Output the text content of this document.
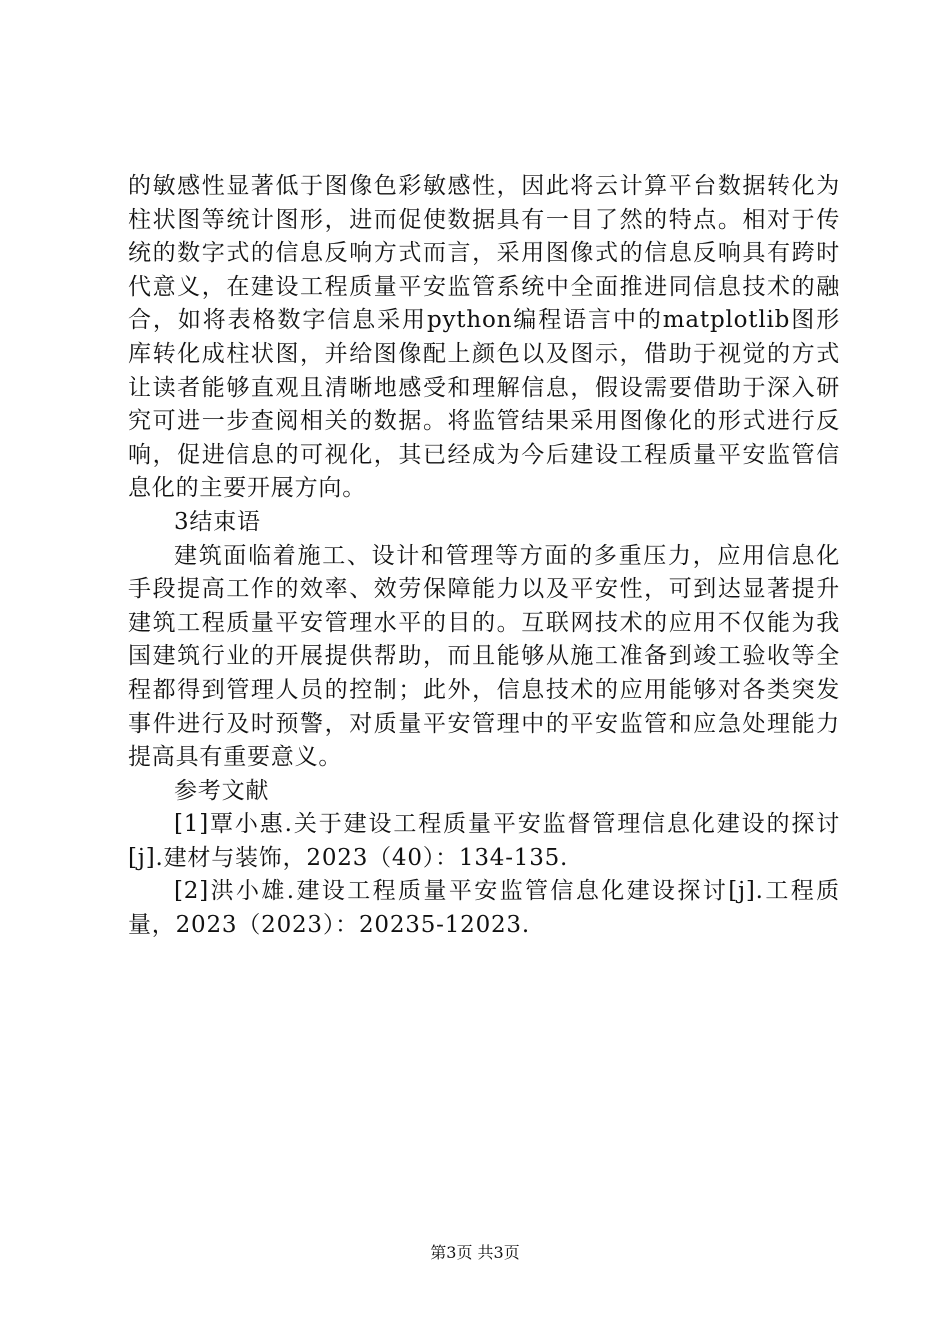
的敏感性显著低于图像色彩敏感性，因此将云计算平台数据转化为柱状图等统计图形，进而促使数据具有一目了然的特点。相对于传统的数字式的信息反响方式而言，采用图像式的信息反响具有跨时代意义，在建设工程质量平安监管系统中全面推进同信息技术的融合，如将表格数字信息采用python编程语言中的matplotlib图形库转化成柱状图，并给图像配上颜色以及图示，借助于视觉的方式让读者能够直观且清晰地感受和理解信息，假设需要借助于深入研究可进一步查阅相关的数据。将监管结果采用图像化的形式进行反响，促进信息的可视化，其已经成为今后建设工程质量平安监管信息化的主要开展方向。

3结束语

建筑面临着施工、设计和管理等方面的多重压力，应用信息化手段提高工作的效率、效劳保障能力以及平安性，可到达显著提升建筑工程质量平安管理水平的目的。互联网技术的应用不仅能为我国建筑行业的开展提供帮助，而且能够从施工准备到竣工验收等全程都得到管理人员的控制；此外，信息技术的应用能够对各类突发事件进行及时预警，对质量平安管理中的平安监管和应急处理能力提高具有重要意义。

参考文献

[1]覃小惠.关于建设工程质量平安监督管理信息化建设的探讨[j].建材与装饰，2023（40）：134-135.

[2]洪小雄.建设工程质量平安监管信息化建设探讨[j].工程质量，2023（2023）：20235-12023.

第3页 共3页
